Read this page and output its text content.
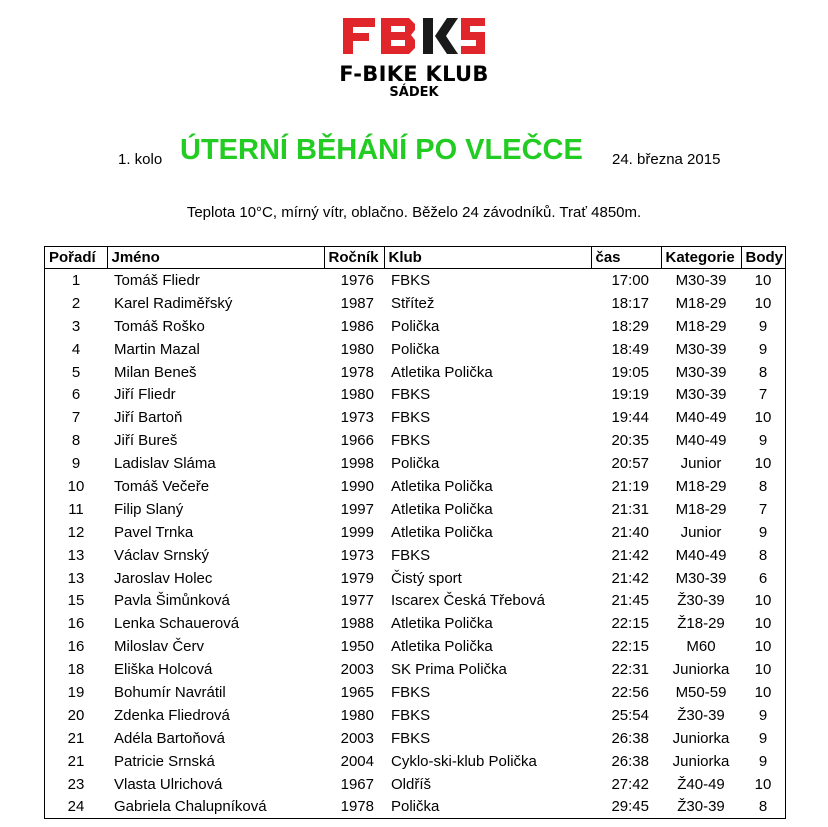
F-BIKE KLUB
SÁDEK
1. kolo ÚTERNÍ BĚHÁNÍ PO VLEČCE 24. března 2015
Teplota 10°C, mírný vítr, oblačno. Běželo 24 závodníků. Trať 4850m.
Pořadí	Jméno	Ročník	Klub	čas	Kategorie	Body
1	Tomáš Fliedr	1976	FBKS	17:00	M30-39	10
2	Karel Radiměřský	1987	Střítež	18:17	M18-29	10
3	Tomáš Roško	1986	Polička	18:29	M18-29	9
4	Martin Mazal	1980	Polička	18:49	M30-39	9
5	Milan Beneš	1978	Atletika Polička	19:05	M30-39	8
6	Jiří Fliedr	1980	FBKS	19:19	M30-39	7
7	Jiří Bartoň	1973	FBKS	19:44	M40-49	10
8	Jiří Bureš	1966	FBKS	20:35	M40-49	9
9	Ladislav Sláma	1998	Polička	20:57	Junior	10
10	Tomáš Večeře	1990	Atletika Polička	21:19	M18-29	8
11	Filip Slaný	1997	Atletika Polička	21:31	M18-29	7
12	Pavel Trnka	1999	Atletika Polička	21:40	Junior	9
13	Václav Srnský	1973	FBKS	21:42	M40-49	8
13	Jaroslav Holec	1979	Čistý sport	21:42	M30-39	6
15	Pavla Šimůnková	1977	Iscarex Česká Třebová	21:45	Ž30-39	10
16	Lenka Schauerová	1988	Atletika Polička	22:15	Ž18-29	10
16	Miloslav Červ	1950	Atletika Polička	22:15	M60	10
18	Eliška Holcová	2003	SK Prima Polička	22:31	Juniorka	10
19	Bohumír Navrátil	1965	FBKS	22:56	M50-59	10
20	Zdenka Fliedrová	1980	FBKS	25:54	Ž30-39	9
21	Adéla Bartoňová	2003	FBKS	26:38	Juniorka	9
21	Patricie Srnská	2004	Cyklo-ski-klub Polička	26:38	Juniorka	9
23	Vlasta Ulrichová	1967	Oldříš	27:42	Ž40-49	10
24	Gabriela Chalupníková	1978	Polička	29:45	Ž30-39	8
